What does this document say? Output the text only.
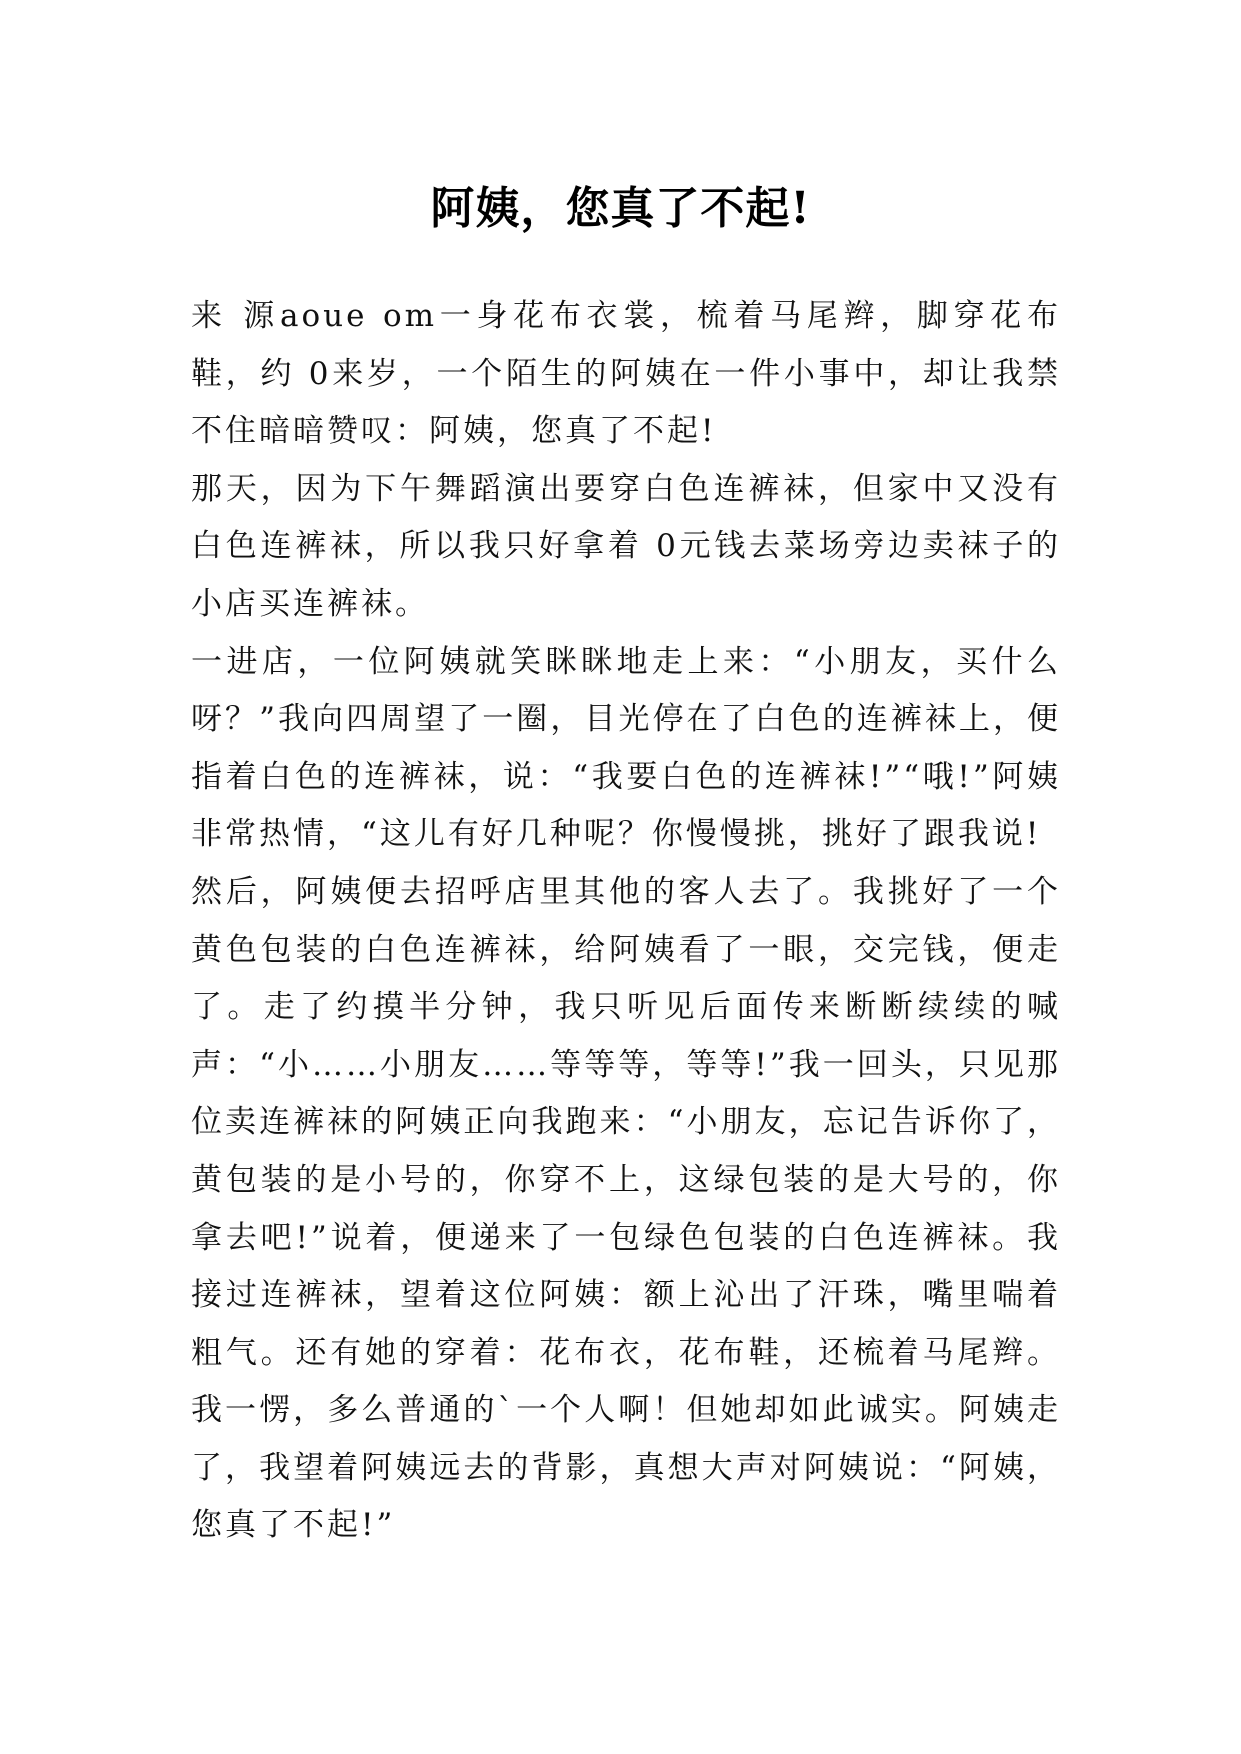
阿姨，您真了不起!

来 源aoue om一身花布衣裳，梳着马尾辫，脚穿花布鞋，约 0来岁，一个陌生的阿姨在一件小事中，却让我禁不住暗暗赞叹：阿姨，您真了不起!

那天，因为下午舞蹈演出要穿白色连裤袜，但家中又没有白色连裤袜，所以我只好拿着 0元钱去菜场旁边卖袜子的小店买连裤袜。

一进店，一位阿姨就笑眯眯地走上来：“小朋友，买什么呀？”我向四周望了一圈，目光停在了白色的连裤袜上，便指着白色的连裤袜，说：“我要白色的连裤袜!”“哦!”阿姨非常热情，“这儿有好几种呢？你慢慢挑，挑好了跟我说!

然后，阿姨便去招呼店里其他的客人去了。我挑好了一个黄色包装的白色连裤袜，给阿姨看了一眼，交完钱，便走了。走了约摸半分钟，我只听见后面传来断断续续的喊声：“小……小朋友……等等等，等等!”我一回头，只见那位卖连裤袜的阿姨正向我跑来：“小朋友，忘记告诉你了，黄包装的是小号的，你穿不上，这绿包装的是大号的，你拿去吧!”说着，便递来了一包绿色包装的白色连裤袜。我接过连裤袜，望着这位阿姨：额上沁出了汗珠，嘴里喘着粗气。还有她的穿着：花布衣，花布鞋，还梳着马尾辫。我一愣，多么普通的`一个人啊！但她却如此诚实。阿姨走了，我望着阿姨远去的背影，真想大声对阿姨说：“阿姨，您真了不起!”
